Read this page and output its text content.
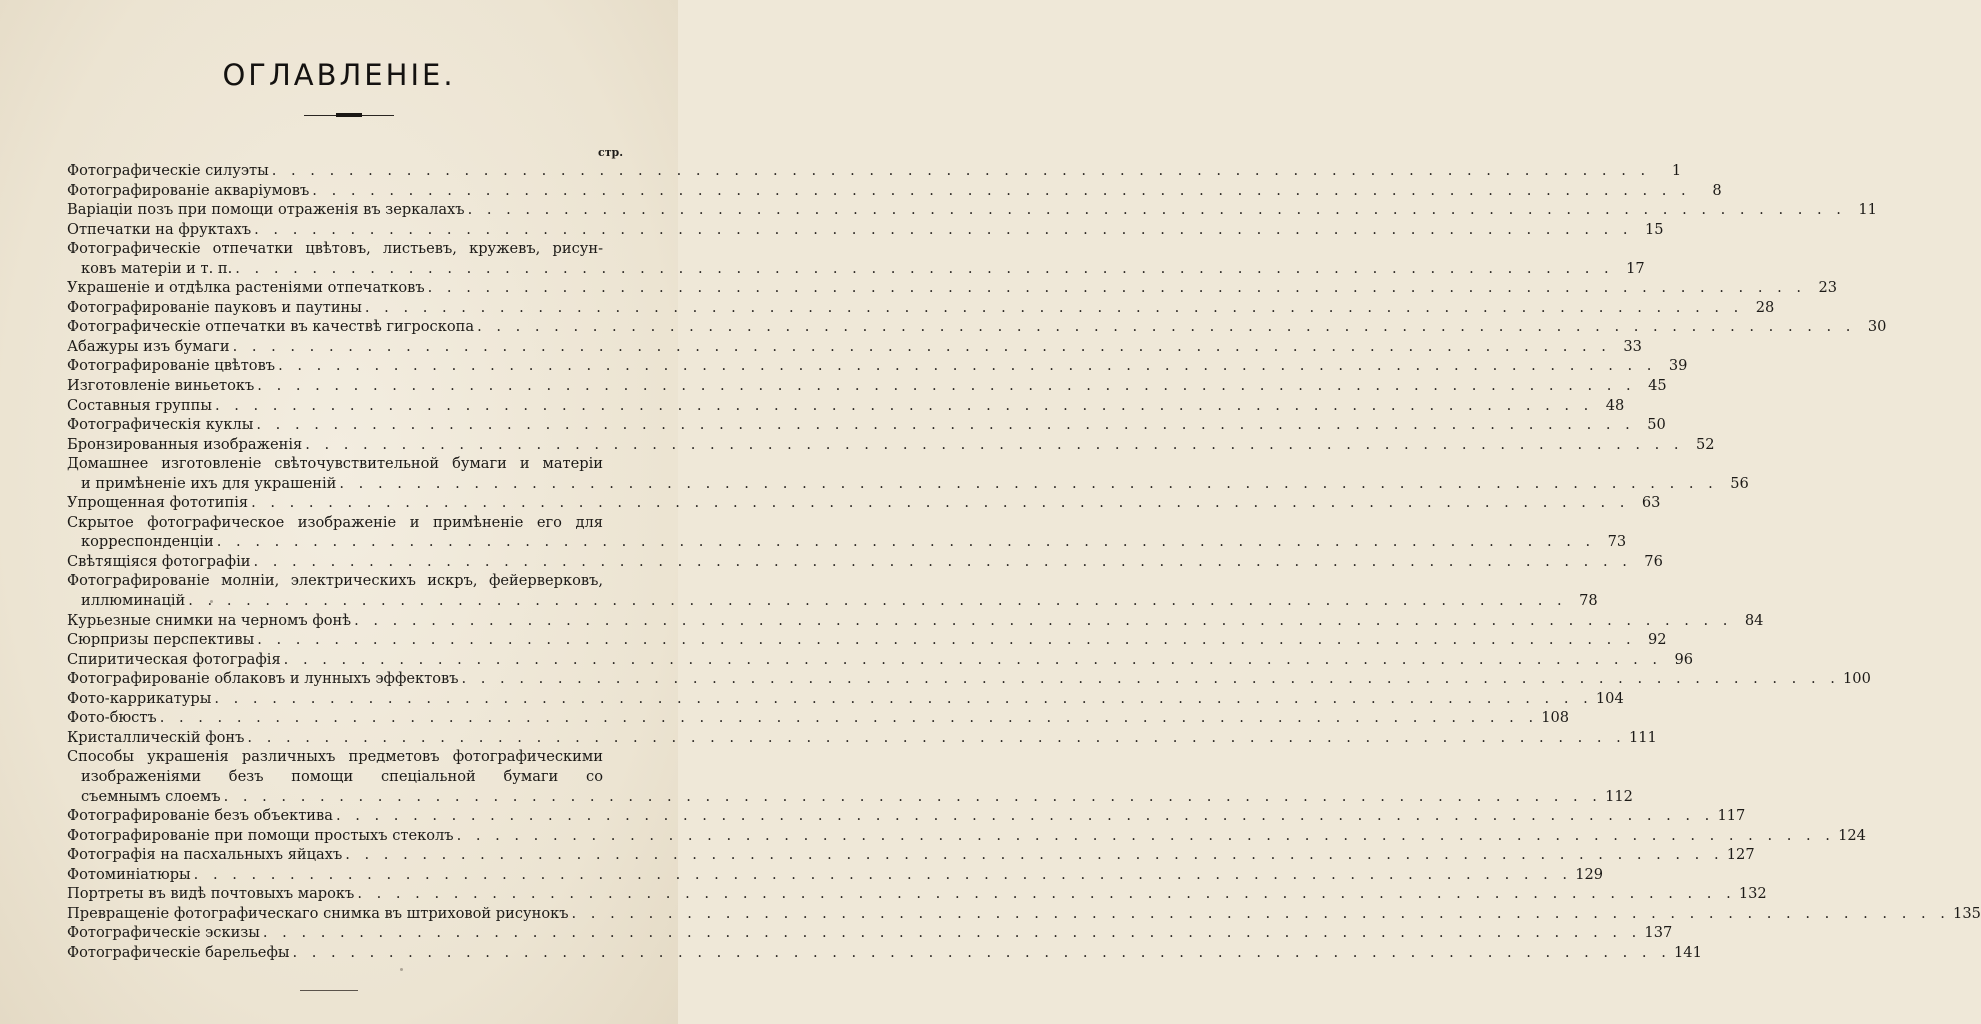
ОГЛАВЛЕНІЕ.
стр.
Фотографическіе силуэты . . .	1
Фотографированіе акваріумовъ . . .	8
Варіаціи позъ при помощи отраженія въ зеркалахъ . . .	11
Отпечатки на фруктахъ . . .	15
Фотографическіе отпечатки цвѣтовъ, листьевъ, кружевъ, рисун-
ковъ матеріи и т. п. . . .	17
Украшеніе и отдѣлка растеніями отпечатковъ . . .	23
Фотографированіе пауковъ и паутины . . .	28
Фотографическіе отпечатки въ качествѣ гигроскопа . . .	30
Абажуры изъ бумаги . . .	33
Фотографированіе цвѣтовъ . . .	39
Изготовленіе виньетокъ . . .	45
Составныя группы . . .	48
Фотографическія куклы . . .	50
Бронзированныя изображенія . . .	52
Домашнее изготовленіе свѣточувствительной бумаги и матеріи
и примѣненіе ихъ для украшеній . . .	56
Упрощенная фототипія . . .	63
Скрытое фотографическое изображеніе и примѣненіе его для
корреспонденціи . . .	73
Свѣтящіяся фотографіи . . .	76
Фотографированіе молніи, электрическихъ искръ, фейерверковъ,
иллюминацій . . .	78
Курьезные снимки на черномъ фонѣ . . .	84
Сюрпризы перспективы . . .	92
Спиритическая фотографія . . .	96
Фотографированіе облаковъ и лунныхъ эффектовъ . . .	100
Фото-каррикатуры . . .	104
Фото-бюстъ . . .	108
Кристаллическій фонъ . . .	111
Способы украшенія различныхъ предметовъ фотографическими
изображеніями безъ помощи спеціальной бумаги со
съемнымъ слоемъ . . .	112
Фотографированіе безъ объектива . . .	117
Фотографированіе при помощи простыхъ стеколъ . . .	124
Фотографія на пасхальныхъ яйцахъ . . .	127
Фотоминіатюры . . .	129
Портреты въ видѣ почтовыхъ марокъ . . .	132
Превращеніе фотографическаго снимка въ штриховой рисунокъ . . .	135
Фотографическіе эскизы . . .	137
Фотографическіе барельефы . . .	141
